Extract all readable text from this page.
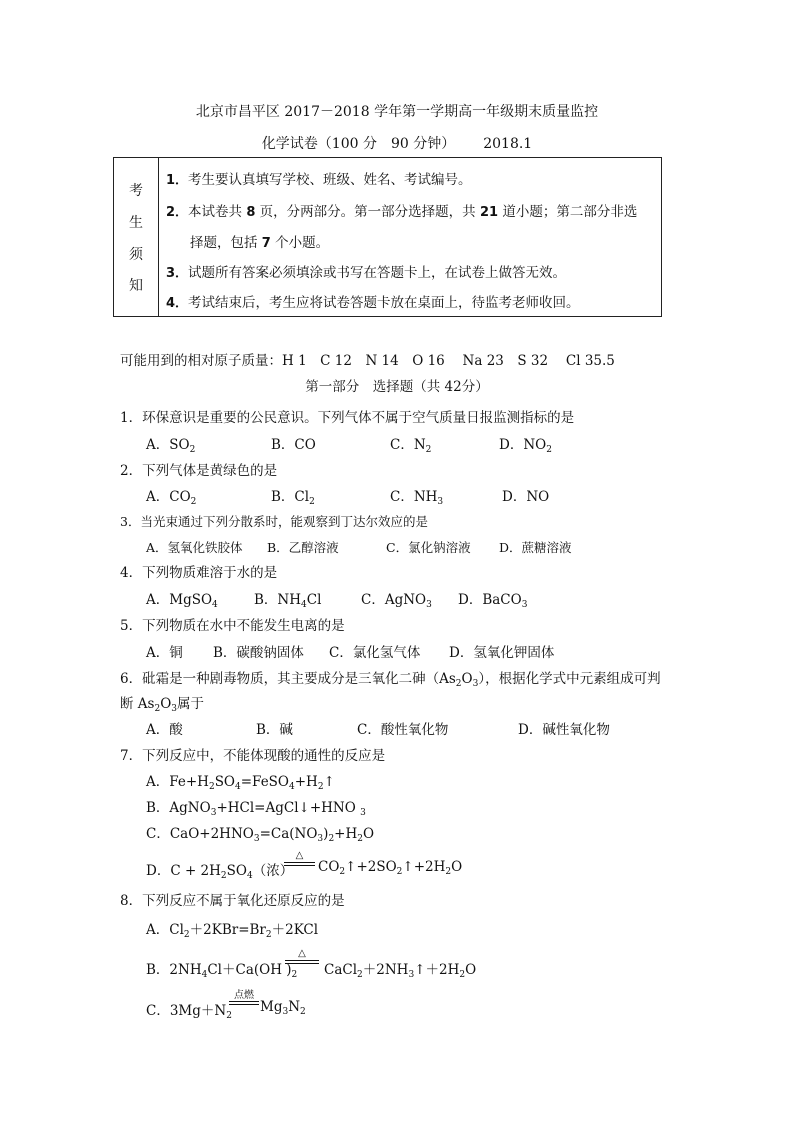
北京市昌平区 2017－2018 学年第一学期高一年级期末质量监控
化学试卷（100 分　90 分钟） 2018.1
考
生
须
知
1．考生要认真填写学校、班级、姓名、考试编号。
2．本试卷共 8 页，分两部分。第一部分选择题，共 21 道小题；第二部分非选
择题，包括 7 个小题。
3．试题所有答案必须填涂或书写在答题卡上，在试卷上做答无效。
4．考试结束后，考生应将试卷答题卡放在桌面上，待监考老师收回。
可能用到的相对原子质量：H 1　C 12　N 14　O 16　 Na 23　S 32　 Cl 35.5
第一部分　选择题（共 42分）
1．环保意识是重要的公民意识。下列气体不属于空气质量日报监测指标的是
A．$SO_2$	B．CO	C．$N_2$	D．$NO_2$
2．下列气体是黄绿色的是
A．$CO_2$	B．$Cl_2$	C．$NH_3$	D．NO
3．当光束通过下列分散系时，能观察到丁达尔效应的是
A．氢氧化铁胶体 B．乙醇溶液	C．氯化钠溶液 D．蔗糖溶液
4．下列物质难溶于水的是
A．MgSO$_4$	B．$NH_4Cl$	C．AgNO$_3$ D．BaCO$_3$
5．下列物质在水中不能发生电离的是
A．铜 B．碳酸钠固体 C．氯化氢气体 D．氢氧化钾固体
6．砒霜是一种剧毒物质，其主要成分是三氧化二砷$(As_2O_3)$，根据化学式中元素组成可判
断 $As_2O_3$属于
A．酸	B．碱	C．酸性氧化物	D．碱性氧化物
7．下列反应中，不能体现酸的通性的反应是
A．$Fe+H_2SO_4=FeSO_4+H_2↑$
B．AgNO$_3$+HCl=AgCl↓+HNO $_3$
C．$CaO+2HNO_3=Ca(NO_3)_2+H_2O$
D．$C + 2H_2SO_4$（浓）
△
$CO_2↑+2SO_2↑+2H_2O$
8．下列反应不属于氧化还原反应的是
A．$Cl_2+2KBr=Br_2+2KCl$
B．$2NH_4Cl+Ca(OH$ )$_2$
△
$CaCl_2+2NH_3↑+2H_2O$
C．$3Mg+N_2$
点燃
$Mg_3N_2$
